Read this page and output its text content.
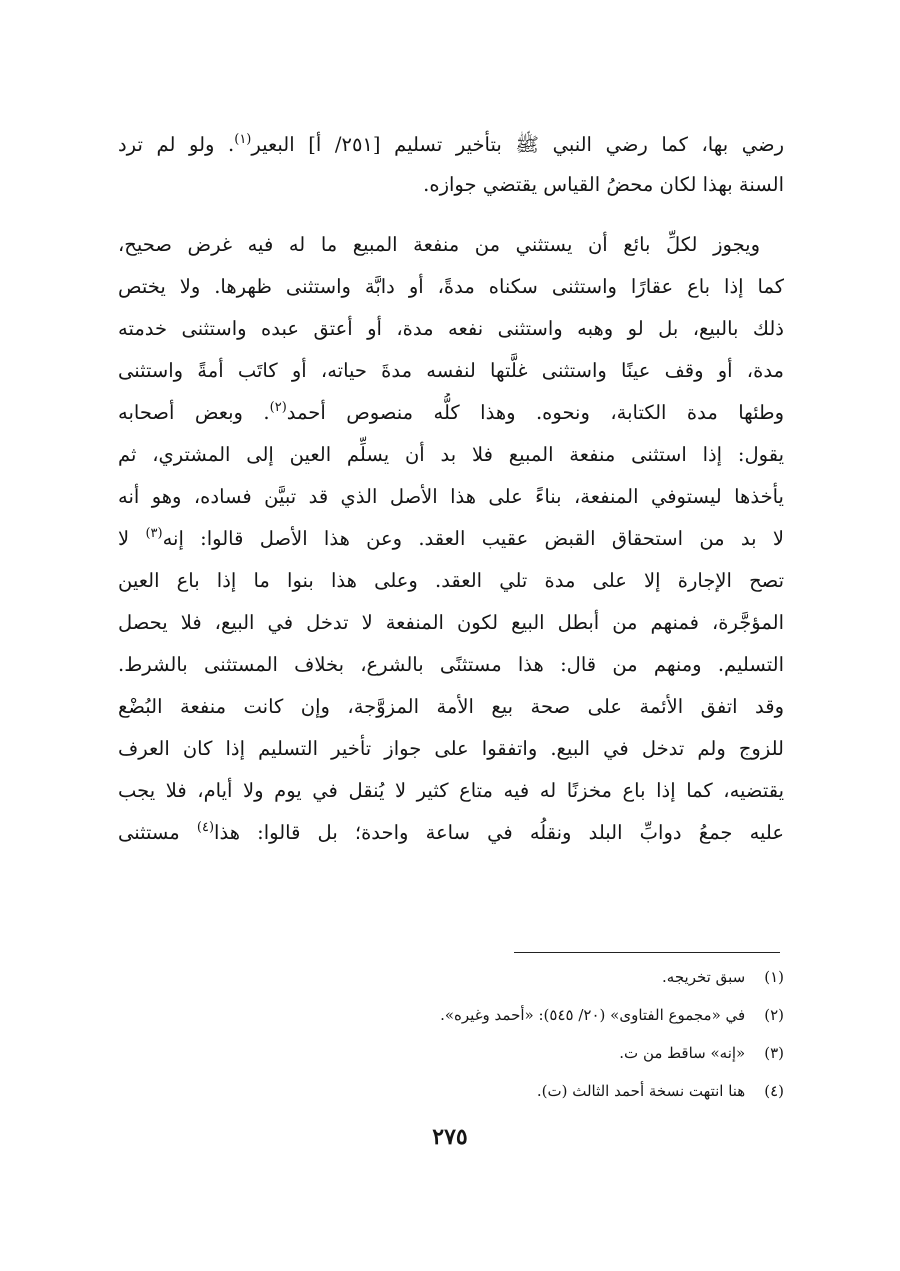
رضي بها، كما رضي النبي ﷺ بتأخير تسليم [٢٥١/ أ] البعير$^{(١)}$. ولو لم ترد
السنة بهذا لكان محضُ القياس يقتضي جوازه.
ويجوز لكلِّ بائع أن يستثني من منفعة المبيع ما له فيه غرض صحيح،
كما إذا باع عقارًا واستثنى سكناه مدةً، أو دابَّة واستثنى ظهرها. ولا يختص
ذلك بالبيع، بل لو وهبه واستثنى نفعه مدة، أو أعتق عبده واستثنى خدمته
مدة، أو وقف عينًا واستثنى غلَّتها لنفسه مدةَ حياته، أو كاتَب أمةً واستثنى
وطئها مدة الكتابة، ونحوه. وهذا كلُّه منصوص أحمد$^{(٢)}$. وبعض أصحابه
يقول: إذا استثنى منفعة المبيع فلا بد أن يسلِّم العين إلى المشتري، ثم
يأخذها ليستوفي المنفعة، بناءً على هذا الأصل الذي قد تبيَّن فساده، وهو أنه
لا بد من استحقاق القبض عقيب العقد. وعن هذا الأصل قالوا: إنه$^{(٣)}$ لا
تصح الإجارة إلا على مدة تلي العقد. وعلى هذا بنوا ما إذا باع العين
المؤجَّرة، فمنهم من أبطل البيع لكون المنفعة لا تدخل في البيع، فلا يحصل
التسليم. ومنهم من قال: هذا مستثنًى بالشرع، بخلاف المستثنى بالشرط.
وقد اتفق الأئمة على صحة بيع الأمة المزوَّجة، وإن كانت منفعة البُضْع
للزوج ولم تدخل في البيع. واتفقوا على جواز تأخير التسليم إذا كان العرف
يقتضيه، كما إذا باع مخزنًا له فيه متاع كثير لا يُنقل في يوم ولا أيام، فلا يجب
عليه جمعُ دوابِّ البلد ونقلُه في ساعة واحدة؛ بل قالوا: هذا$^{(٤)}$ مستثنى
(١) سبق تخريجه.
(٢) في «مجموع الفتاوى» (٢٠/ ٥٤٥): «أحمد وغيره».
(٣) «إنه» ساقط من ت.
(٤) هنا انتهت نسخة أحمد الثالث (ت).
٢٧٥
